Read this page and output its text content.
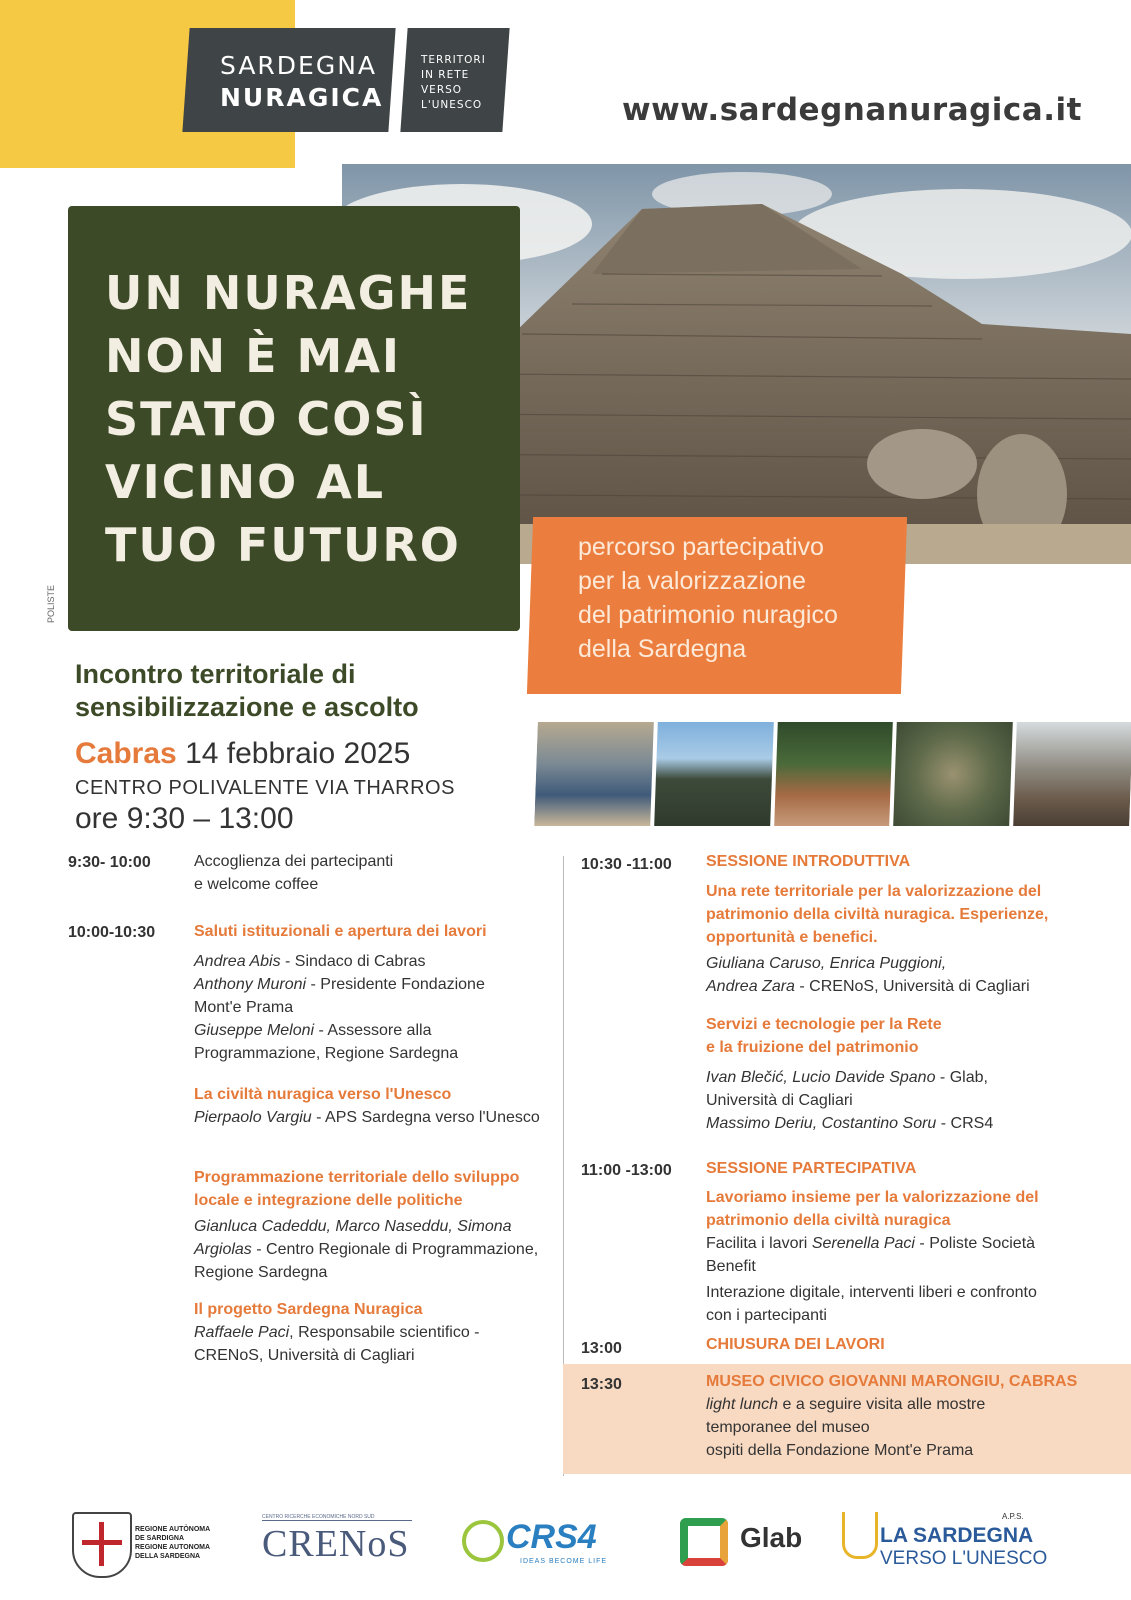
SARDEGNA
NURAGICA
TERRITORI
IN RETE
VERSO
L'UNESCO	www.sardegnanuragica.it
UN NURAGHE
NON È MAI
STATO COSÌ
VICINO AL
TUO FUTURO
POLISTE
percorso partecipativo
per la valorizzazione
del patrimonio nuragico
della Sardegna
Incontro territoriale di
sensibilizzazione e ascolto
Cabras 14 febbraio 2025
CENTRO POLIVALENTE VIA THARROS
ore 9:30 – 13:00
9:30- 10:00	Accoglienza dei partecipanti
e welcome coffee
10:00-10:30 Saluti istituzionali e apertura dei lavori
Andrea Abis - Sindaco di Cabras
Anthony Muroni - Presidente Fondazione
Mont'e Prama
Giuseppe Meloni - Assessore alla
Programmazione, Regione Sardegna
La civiltà nuragica verso l'Unesco
Pierpaolo Vargiu - APS Sardegna verso l'Unesco
Programmazione territoriale dello sviluppo
locale e integrazione delle politiche
Gianluca Cadeddu, Marco Naseddu, Simona
Argiolas - Centro Regionale di Programmazione,
Regione Sardegna
Il progetto Sardegna Nuragica
Raffaele Paci, Responsabile scientifico -
CRENoS, Università di Cagliari
10:30 -11:00 SESSIONE INTRODUTTIVA
Una rete territoriale per la valorizzazione del
patrimonio della civiltà nuragica. Esperienze,
opportunità e benefici.
Giuliana Caruso, Enrica Puggioni,
Andrea Zara - CRENoS, Università di Cagliari
Servizi e tecnologie per la Rete
e la fruizione del patrimonio
Ivan Blečić, Lucio Davide Spano - Glab,
Università di Cagliari
Massimo Deriu, Costantino Soru - CRS4
11:00 -13:00 SESSIONE PARTECIPATIVA
Lavoriamo insieme per la valorizzazione del
patrimonio della civiltà nuragica
Facilita i lavori Serenella Paci - Poliste Società
Benefit
Interazione digitale, interventi liberi e confronto
con i partecipanti
13:00	CHIUSURA DEI LAVORI
13:30	MUSEO CIVICO GIOVANNI MARONGIU, CABRAS
light lunch e a seguire visita alle mostre
temporanee del museo
ospiti della Fondazione Mont'e Prama
REGIONE AUTÒNOMA
DE SARDIGNA
REGIONE AUTONOMA
DELLA SARDEGNA
CENTRO RICERCHE ECONOMICHE NORD SUD
CRENoS	CRS4
IDEAS BECOME LIFE
Glab
A.P.S.
LA SARDEGNA
VERSO L'UNESCO
